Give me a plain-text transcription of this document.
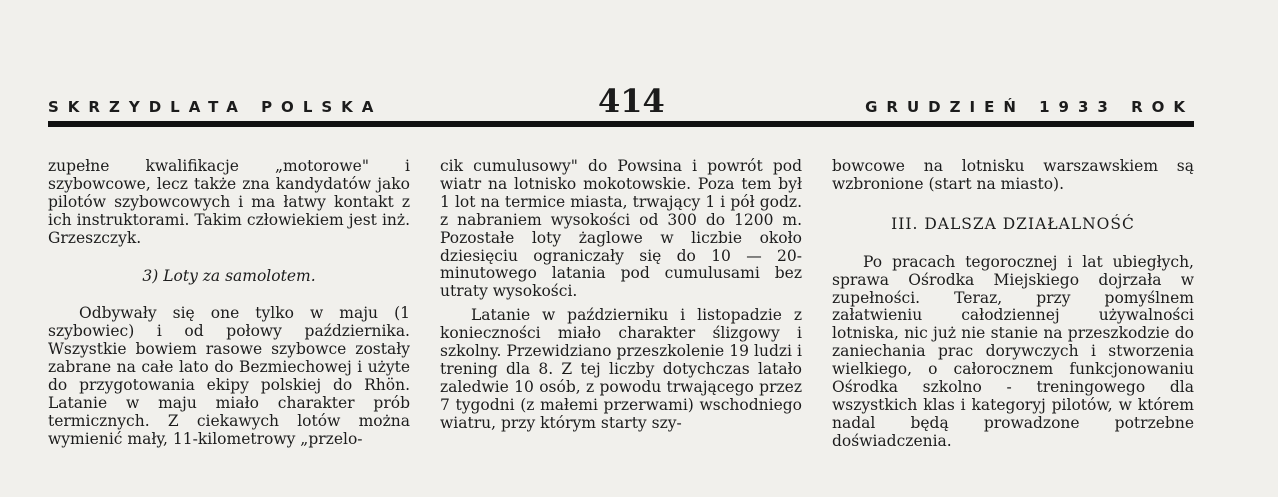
SKRZYDLATA POLSKA	414	GRUDZIEŃ 1933 ROK

zupełne kwalifikacje „motorowe" i szybowcowe, lecz także zna kandydatów jako pilotów szybowcowych i ma łatwy kontakt z ich instruktorami. Takim człowiekiem jest inż. Grzeszczyk.

3) Loty za samolotem.

Odbywały się one tylko w maju (1 szybowiec) i od połowy października. Wszystkie bowiem rasowe szybowce zostały zabrane na całe lato do Bezmiechowej i użyte do przygotowania ekipy polskiej do Rhön. Latanie w maju miało charakter prób termicznych. Z ciekawych lotów można wymienić mały, 11-kilometrowy „przelo-

cik cumulusowy" do Powsina i powrót pod wiatr na lotnisko mokotowskie. Poza tem był 1 lot na termice miasta, trwający 1 i pół godz. z nabraniem wysokości od 300 do 1200 m. Pozostałe loty żaglowe w liczbie około dziesięciu ograniczały się do 10 — 20-minutowego latania pod cumulusami bez utraty wysokości.

Latanie w październiku i listopadzie z konieczności miało charakter ślizgowy i szkolny. Przewidziano przeszkolenie 19 ludzi i trening dla 8. Z tej liczby dotychczas latało zaledwie 10 osób, z powodu trwającego przez 7 tygodni (z małemi przerwami) wschodniego wiatru, przy którym starty szy-

bowcowe na lotnisku warszawskiem są wzbronione (start na miasto).

III. DALSZA DZIAŁALNOŚĆ

Po pracach tegorocznej i lat ubiegłych, sprawa Ośrodka Miejskiego dojrzała w zupełności. Teraz, przy pomyślnem załatwieniu całodziennej używalności lotniska, nic już nie stanie na przeszkodzie do zaniechania prac dorywczych i stworzenia wielkiego, o całorocznem funkcjonowaniu Ośrodka szkolno - treningowego dla wszystkich klas i kategoryj pilotów, w którem nadal będą prowadzone potrzebne doświadczenia.
